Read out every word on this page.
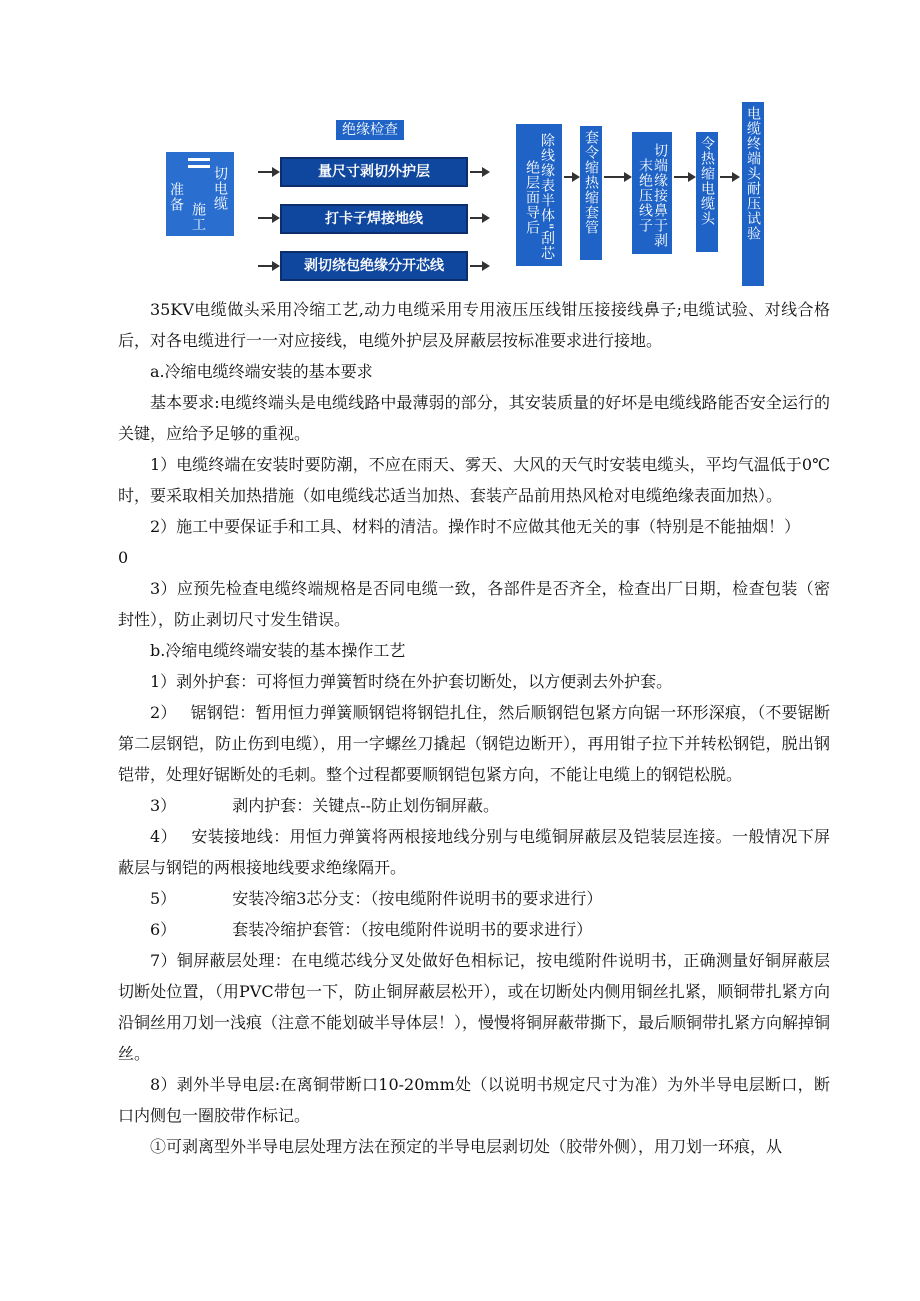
准备
施工
切电缆
绝缘检查
量尺寸剥切外护层
打卡子焊接地线
剥切绕包绝缘分开芯线
除线缘表半体"刮芯绝层面导后	套令缩热缩套管	切端缘接鼻于剥末绝压线子	令热缩电缆头 电缆终端头耐压试验

35KV电缆做头采用冷缩工艺,动力电缆采用专用液压压线钳压接接线鼻子;电缆试验、对线合格后，对各电缆进行一一对应接线，电缆外护层及屏蔽层按标准要求进行接地。

a.冷缩电缆终端安装的基本要求

基本要求:电缆终端头是电缆线路中最薄弱的部分，其安装质量的好坏是电缆线路能否安全运行的关键，应给予足够的重视。

1）电缆终端在安装时要防潮，不应在雨天、雾天、大风的天气时安装电缆头，平均气温低于0℃时，要采取相关加热措施（如电缆线芯适当加热、套装产品前用热风枪对电缆绝缘表面加热）。

2）施工中要保证手和工具、材料的清洁。操作时不应做其他无关的事（特别是不能抽烟！）

0

3）应预先检查电缆终端规格是否同电缆一致，各部件是否齐全，检查出厂日期，检查包装（密封性），防止剥切尺寸发生错误。

b.冷缩电缆终端安装的基本操作工艺

1）剥外护套：可将恒力弹簧暂时绕在外护套切断处，以方便剥去外护套。

2） 锯钢铠：暂用恒力弹簧顺钢铠将钢铠扎住，然后顺钢铠包紧方向锯一环形深痕，（不要锯断第二层钢铠，防止伤到电缆），用一字螺丝刀撬起（钢铠边断开），再用钳子拉下并转松钢铠，脱出钢铠带，处理好锯断处的毛刺。整个过程都要顺钢铠包紧方向，不能让电缆上的钢铠松脱。

3）	剥内护套：关键点--防止划伤铜屏蔽。

4） 安装接地线：用恒力弹簧将两根接地线分别与电缆铜屏蔽层及铠装层连接。一般情况下屏蔽层与钢铠的两根接地线要求绝缘隔开。

5）	安装冷缩3芯分支：（按电缆附件说明书的要求进行）

6）	套装冷缩护套管：（按电缆附件说明书的要求进行）

7）铜屏蔽层处理：在电缆芯线分叉处做好色相标记，按电缆附件说明书，正确测量好铜屏蔽层切断处位置，（用PVC带包一下，防止铜屏蔽层松开），或在切断处内侧用铜丝扎紧，顺铜带扎紧方向沿铜丝用刀划一浅痕（注意不能划破半导体层！），慢慢将铜屏蔽带撕下，最后顺铜带扎紧方向解掉铜丝。

8）剥外半导电层:在离铜带断口10-20mm处（以说明书规定尺寸为准）为外半导电层断口，断口内侧包一圈胶带作标记。

①可剥离型外半导电层处理方法在预定的半导电层剥切处（胶带外侧），用刀划一环痕，从
